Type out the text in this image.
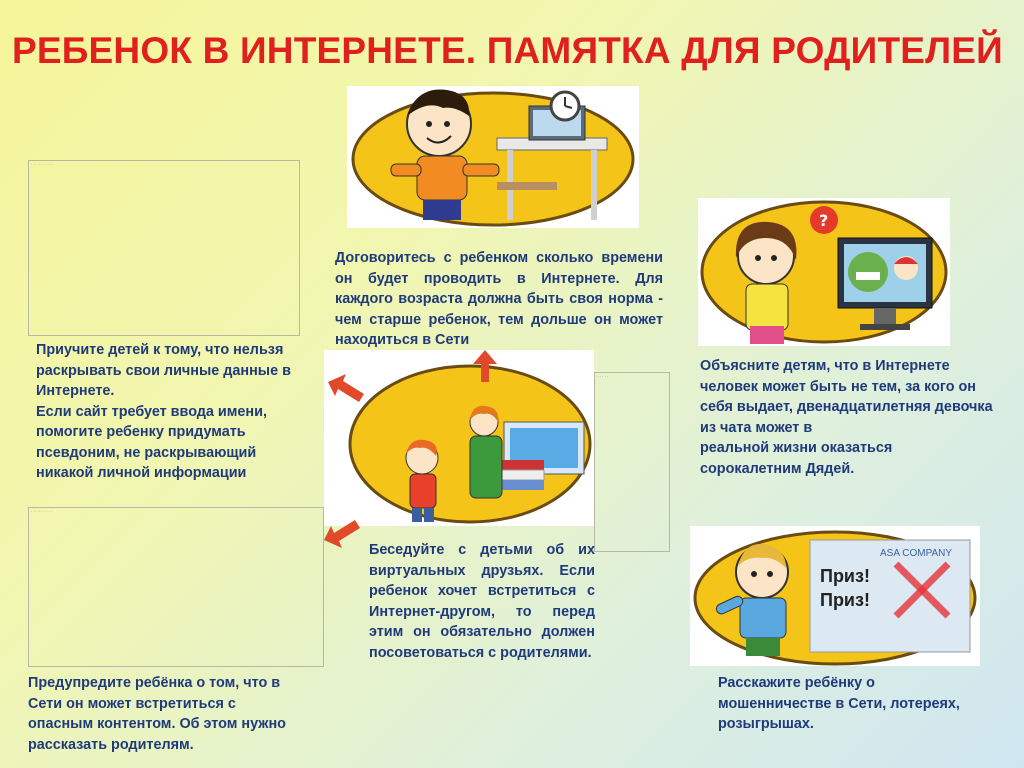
РЕБЕНОК В ИНТЕРНЕТЕ. ПАМЯТКА ДЛЯ РОДИТЕЛЕЙ
Договоритесь с ребенком сколько времени он будет проводить в Интернете. Для каждого возраста должна быть своя норма - чем старше ребенок, тем дольше он может находиться в Сети
· · · · · · · · ·

Приучите детей к тому, что нельзя раскрывать свои личные данные в Интернете.

Если сайт требует ввода имени, помогите ребенку придумать псевдоним, не раскрывающий никакой личной информации

· · · · · · · · ·
Предупредите ребёнка о том, что в Сети он может встретиться с опасным контентом. Об этом нужно рассказать родителям.
?

Объясните детям, что в Интернете человек может быть не тем, за кого он себя выдает, двенадцатилетняя девочка из чата может в

реальной жизни оказаться

сорокалетним Дядей.

· · · · ·
Беседуйте с детьми об их виртуальных друзьях. Если ребенок хочет встретиться с Интернет-другом, то перед этим он обязательно должен посоветоваться с родителями.
ASA COMPANY
Приз!
Приз!
Расскажите ребёнку о мошенничестве в Сети, лотереях, розыгрышах.
